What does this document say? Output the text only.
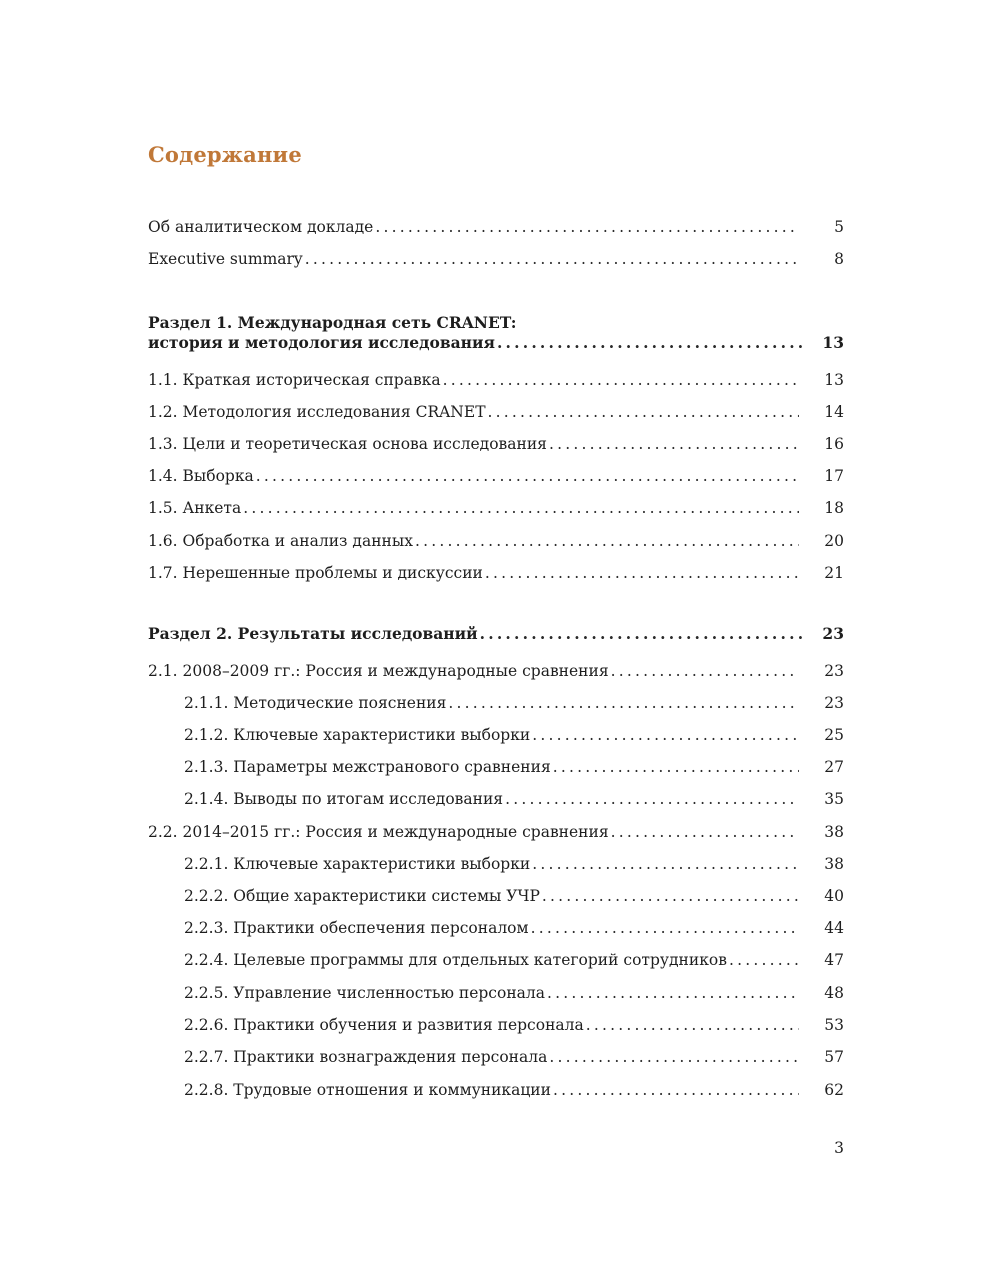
Содержание
Об аналитическом докладе .....	5
Executive summary .....	8
Раздел 1. Международная сеть CRANET:
история и методология исследования .....	13
1.1. Краткая историческая справка .....	13
1.2. Методология исследования CRANET .....	14
1.3. Цели и теоретическая основа исследования .....	16
1.4. Выборка .....	17
1.5. Анкета .....	18
1.6. Обработка и анализ данных .....	20
1.7. Нерешенные проблемы и дискуссии .....	21
Раздел 2. Результаты исследований .....	23
2.1. 2008–2009 гг.: Россия и международные сравнения .....	23
2.1.1. Методические пояснения .....	23
2.1.2. Ключевые характеристики выборки .....	25
2.1.3. Параметры межстранового сравнения .....	27
2.1.4. Выводы по итогам исследования .....	35
2.2. 2014–2015 гг.: Россия и международные сравнения .....	38
2.2.1. Ключевые характеристики выборки .....	38
2.2.2. Общие характеристики системы УЧР .....	40
2.2.3. Практики обеспечения персоналом .....	44
2.2.4. Целевые программы для отдельных категорий сотрудников .....	47
2.2.5. Управление численностью персонала .....	48
2.2.6. Практики обучения и развития персонала .....	53
2.2.7. Практики вознаграждения персонала .....	57
2.2.8. Трудовые отношения и коммуникации .....	62
3
